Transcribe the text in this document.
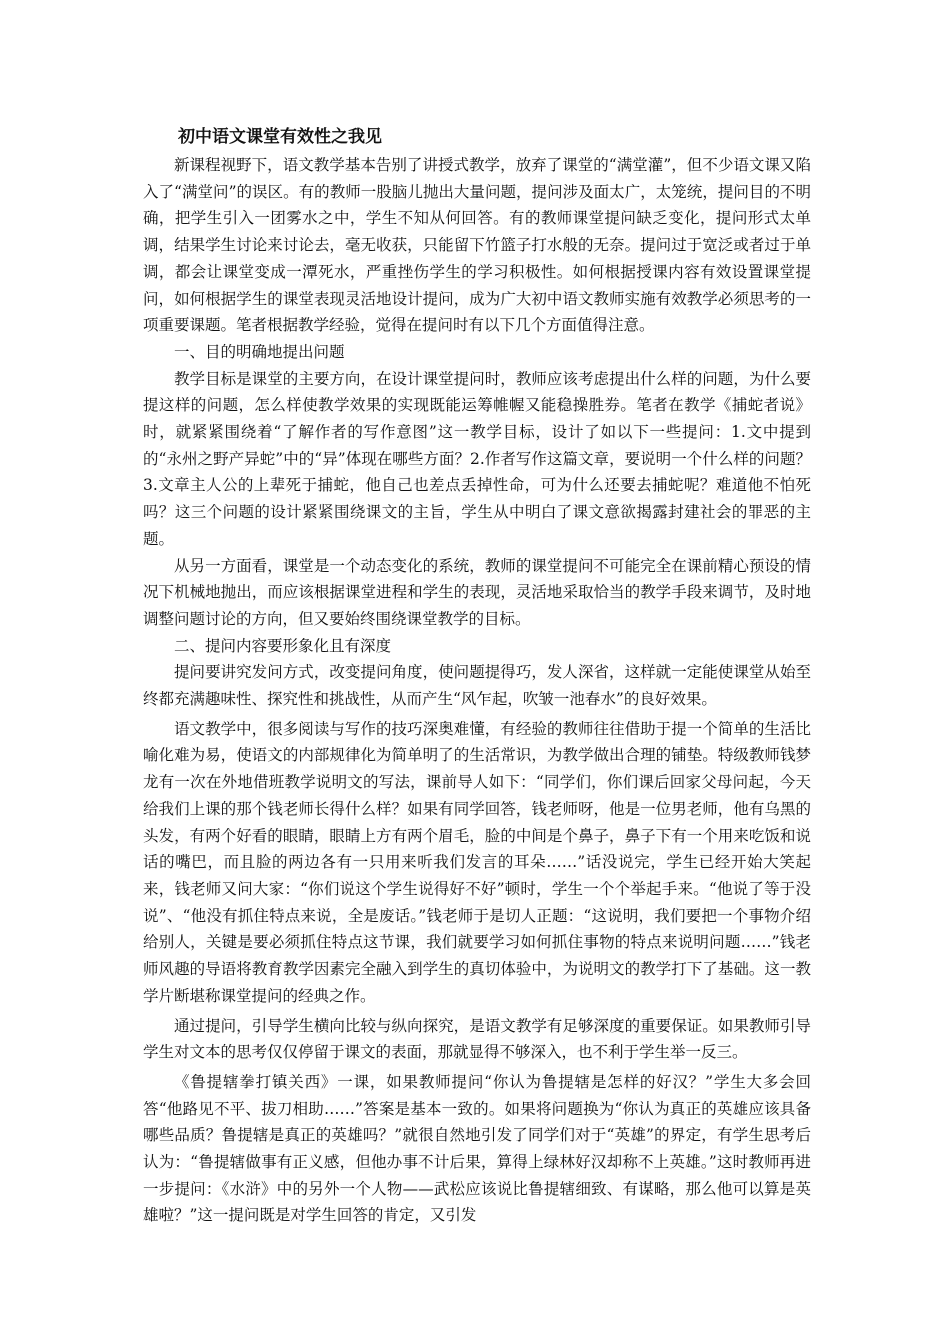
初中语文课堂有效性之我见

新课程视野下，语文教学基本告别了讲授式教学，放弃了课堂的“满堂灌”，但不少语文课又陷入了“满堂问”的误区。有的教师一股脑儿抛出大量问题，提问涉及面太广，太笼统，提问目的不明确，把学生引入一团雾水之中，学生不知从何回答。有的教师课堂提问缺乏变化，提问形式太单调，结果学生讨论来讨论去，毫无收获，只能留下竹篮子打水般的无奈。提问过于宽泛或者过于单调，都会让课堂变成一潭死水，严重挫伤学生的学习积极性。如何根据授课内容有效设置课堂提问，如何根据学生的课堂表现灵活地设计提问，成为广大初中语文教师实施有效教学必须思考的一项重要课题。笔者根据教学经验，觉得在提问时有以下几个方面值得注意。

一、目的明确地提出问题

教学目标是课堂的主要方向，在设计课堂提问时，教师应该考虑提出什么样的问题，为什么要提这样的问题，怎么样使教学效果的实现既能运筹帷幄又能稳操胜券。笔者在教学《捕蛇者说》时，就紧紧围绕着“了解作者的写作意图”这一教学目标，设计了如以下一些提问：1.文中提到的“永州之野产异蛇”中的“异”体现在哪些方面？2.作者写作这篇文章，要说明一个什么样的问题？3.文章主人公的上辈死于捕蛇，他自己也差点丢掉性命，可为什么还要去捕蛇呢？难道他不怕死吗？这三个问题的设计紧紧围绕课文的主旨，学生从中明白了课文意欲揭露封建社会的罪恶的主题。

从另一方面看，课堂是一个动态变化的系统，教师的课堂提问不可能完全在课前精心预设的情况下机械地抛出，而应该根据课堂进程和学生的表现，灵活地采取恰当的教学手段来调节，及时地调整问题讨论的方向，但又要始终围绕课堂教学的目标。

二、提问内容要形象化且有深度

提问要讲究发问方式，改变提问角度，使问题提得巧，发人深省，这样就一定能使课堂从始至终都充满趣味性、探究性和挑战性，从而产生“风乍起，吹皱一池春水”的良好效果。

语文教学中，很多阅读与写作的技巧深奥难懂，有经验的教师往往借助于提一个简单的生活比喻化难为易，使语文的内部规律化为简单明了的生活常识，为教学做出合理的铺垫。特级教师钱梦龙有一次在外地借班教学说明文的写法，课前导人如下：“同学们，你们课后回家父母问起，今天给我们上课的那个钱老师长得什么样？如果有同学回答，钱老师呀，他是一位男老师，他有乌黑的头发，有两个好看的眼睛，眼睛上方有两个眉毛，脸的中间是个鼻子，鼻子下有一个用来吃饭和说话的嘴巴，而且脸的两边各有一只用来听我们发言的耳朵……”话没说完，学生已经开始大笑起来，钱老师又问大家：“你们说这个学生说得好不好”顿时，学生一个个举起手来。“他说了等于没说”、“他没有抓住特点来说，全是废话。”钱老师于是切人正题：“这说明，我们要把一个事物介绍给别人，关键是要必须抓住特点这节课，我们就要学习如何抓住事物的特点来说明问题……”钱老师风趣的导语将教育教学因素完全融入到学生的真切体验中，为说明文的教学打下了基础。这一教学片断堪称课堂提问的经典之作。

通过提问，引导学生横向比较与纵向探究，是语文教学有足够深度的重要保证。如果教师引导学生对文本的思考仅仅停留于课文的表面，那就显得不够深入，也不利于学生举一反三。

《鲁提辖拳打镇关西》一课，如果教师提问“你认为鲁提辖是怎样的好汉？”学生大多会回答“他路见不平、拔刀相助……”答案是基本一致的。如果将问题换为“你认为真正的英雄应该具备哪些品质？鲁提辖是真正的英雄吗？”就很自然地引发了同学们对于“英雄”的界定，有学生思考后认为：“鲁提辖做事有正义感，但他办事不计后果，算得上绿林好汉却称不上英雄。”这时教师再进一步提问：《水浒》中的另外一个人物——武松应该说比鲁提辖细致、有谋略，那么他可以算是英雄啦？”这一提问既是对学生回答的肯定，又引发
